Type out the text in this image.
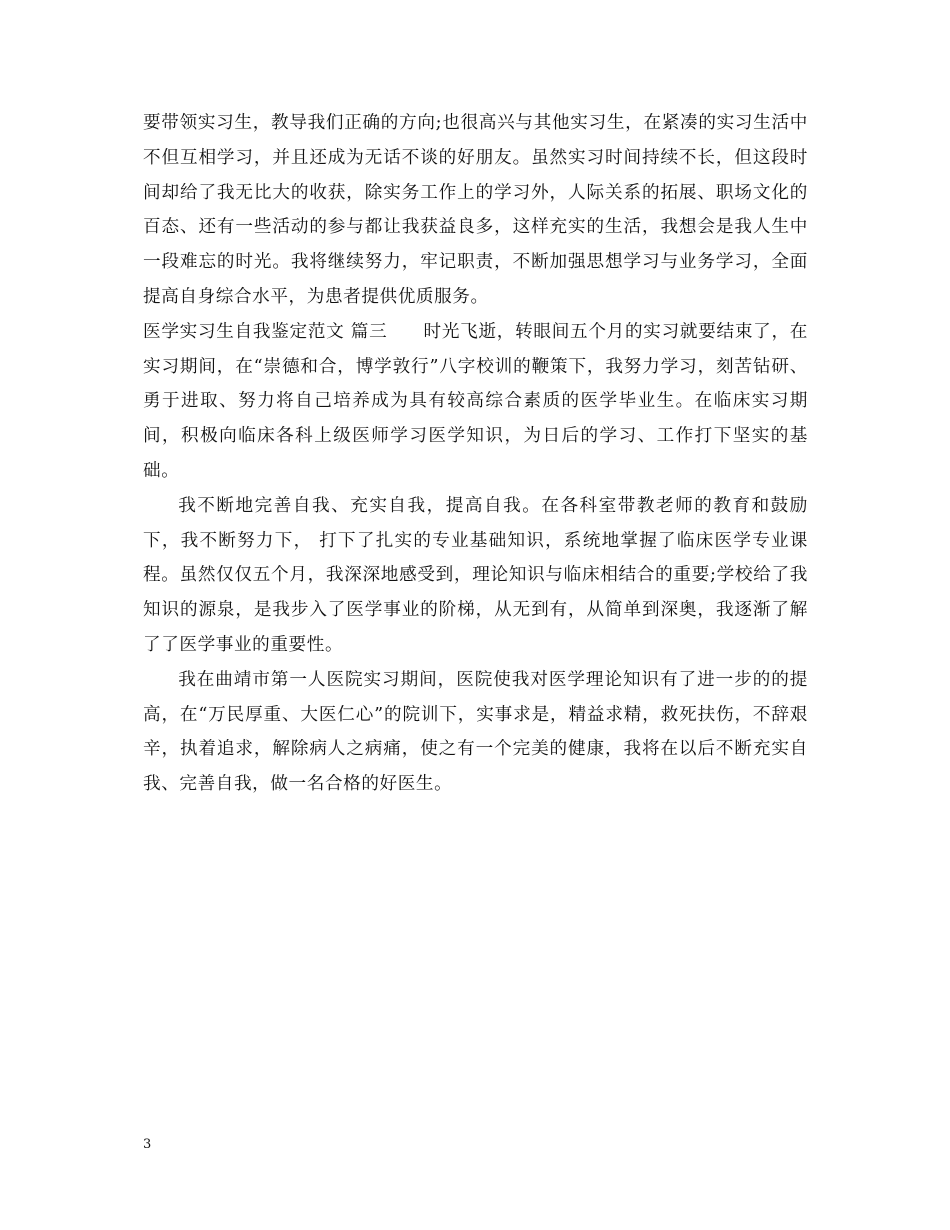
要带领实习生，教导我们正确的方向;也很高兴与其他实习生，在紧凑的实习生活中不但互相学习，并且还成为无话不谈的好朋友。虽然实习时间持续不长，但这段时间却给了我无比大的收获，除实务工作上的学习外，人际关系的拓展、职场文化的百态、还有一些活动的参与都让我获益良多，这样充实的生活，我想会是我人生中一段难忘的时光。我将继续努力，牢记职责，不断加强思想学习与业务学习，全面提高自身综合水平，为患者提供优质服务。

医学实习生自我鉴定范文 篇三 时光飞逝，转眼间五个月的实习就要结束了，在实习期间，在“崇德和合，博学敦行”八字校训的鞭策下，我努力学习，刻苦钻研、勇于进取、努力将自己培养成为具有较高综合素质的医学毕业生。在临床实习期间，积极向临床各科上级医师学习医学知识，为日后的学习、工作打下坚实的基础。

我不断地完善自我、充实自我，提高自我。在各科室带教老师的教育和鼓励下，我不断努力下， 打下了扎实的专业基础知识，系统地掌握了临床医学专业课程。虽然仅仅五个月，我深深地感受到，理论知识与临床相结合的重要;学校给了我知识的源泉，是我步入了医学事业的阶梯，从无到有，从简单到深奥，我逐渐了解了了医学事业的重要性。

我在曲靖市第一人医院实习期间，医院使我对医学理论知识有了进一步的的提高，在“万民厚重、大医仁心”的院训下，实事求是，精益求精，救死扶伤，不辞艰辛，执着追求，解除病人之病痛，使之有一个完美的健康，我将在以后不断充实自我、完善自我，做一名合格的好医生。

3
